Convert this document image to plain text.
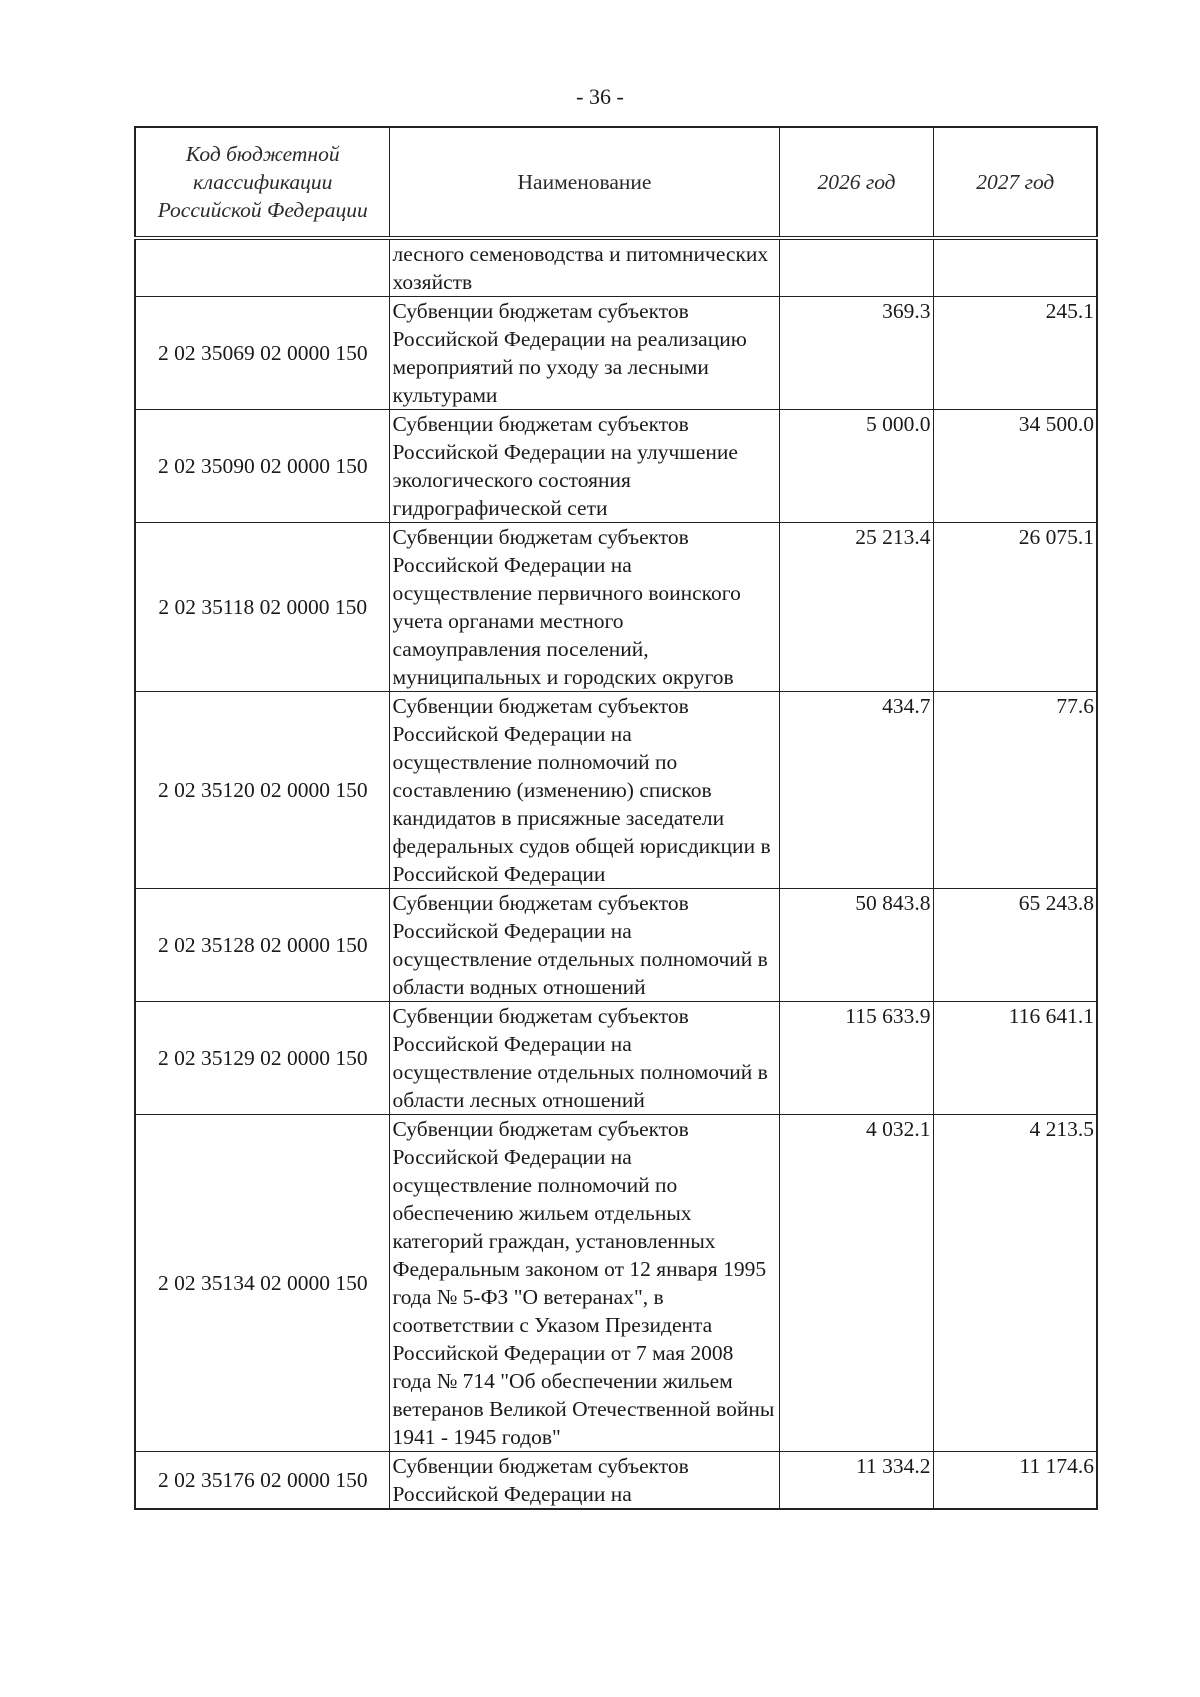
- 36 -
Код бюджетной классификации Российской Федерации	Наименование	2026 год	2027 год
	лесного семеноводства и питомнических хозяйств		
2 02 35069 02 0000 150	Субвенции бюджетам субъектов Российской Федерации на реализацию мероприятий по уходу за лесными культурами	369.3	245.1
2 02 35090 02 0000 150	Субвенции бюджетам субъектов Российской Федерации на улучшение экологического состояния гидрографической сети	5 000.0	34 500.0
2 02 35118 02 0000 150	Субвенции бюджетам субъектов Российской Федерации на осуществление первичного воинского учета органами местного самоуправления поселений, муниципальных и городских округов	25 213.4	26 075.1
2 02 35120 02 0000 150	Субвенции бюджетам субъектов Российской Федерации на осуществление полномочий по составлению (изменению) списков кандидатов в присяжные заседатели федеральных судов общей юрисдикции в Российской Федерации	434.7	77.6
2 02 35128 02 0000 150	Субвенции бюджетам субъектов Российской Федерации на осуществление отдельных полномочий в области водных отношений	50 843.8	65 243.8
2 02 35129 02 0000 150	Субвенции бюджетам субъектов Российской Федерации на осуществление отдельных полномочий в области лесных отношений	115 633.9	116 641.1
2 02 35134 02 0000 150	Субвенции бюджетам субъектов Российской Федерации на осуществление полномочий по обеспечению жильем отдельных категорий граждан, установленных Федеральным законом от 12 января 1995 года № 5-ФЗ "О ветеранах", в соответствии с Указом Президента Российской Федерации от 7 мая 2008 года № 714 "Об обеспечении жильем ветеранов Великой Отечественной войны 1941 - 1945 годов"	4 032.1	4 213.5
2 02 35176 02 0000 150	Субвенции бюджетам субъектов Российской Федерации на	11 334.2	11 174.6
